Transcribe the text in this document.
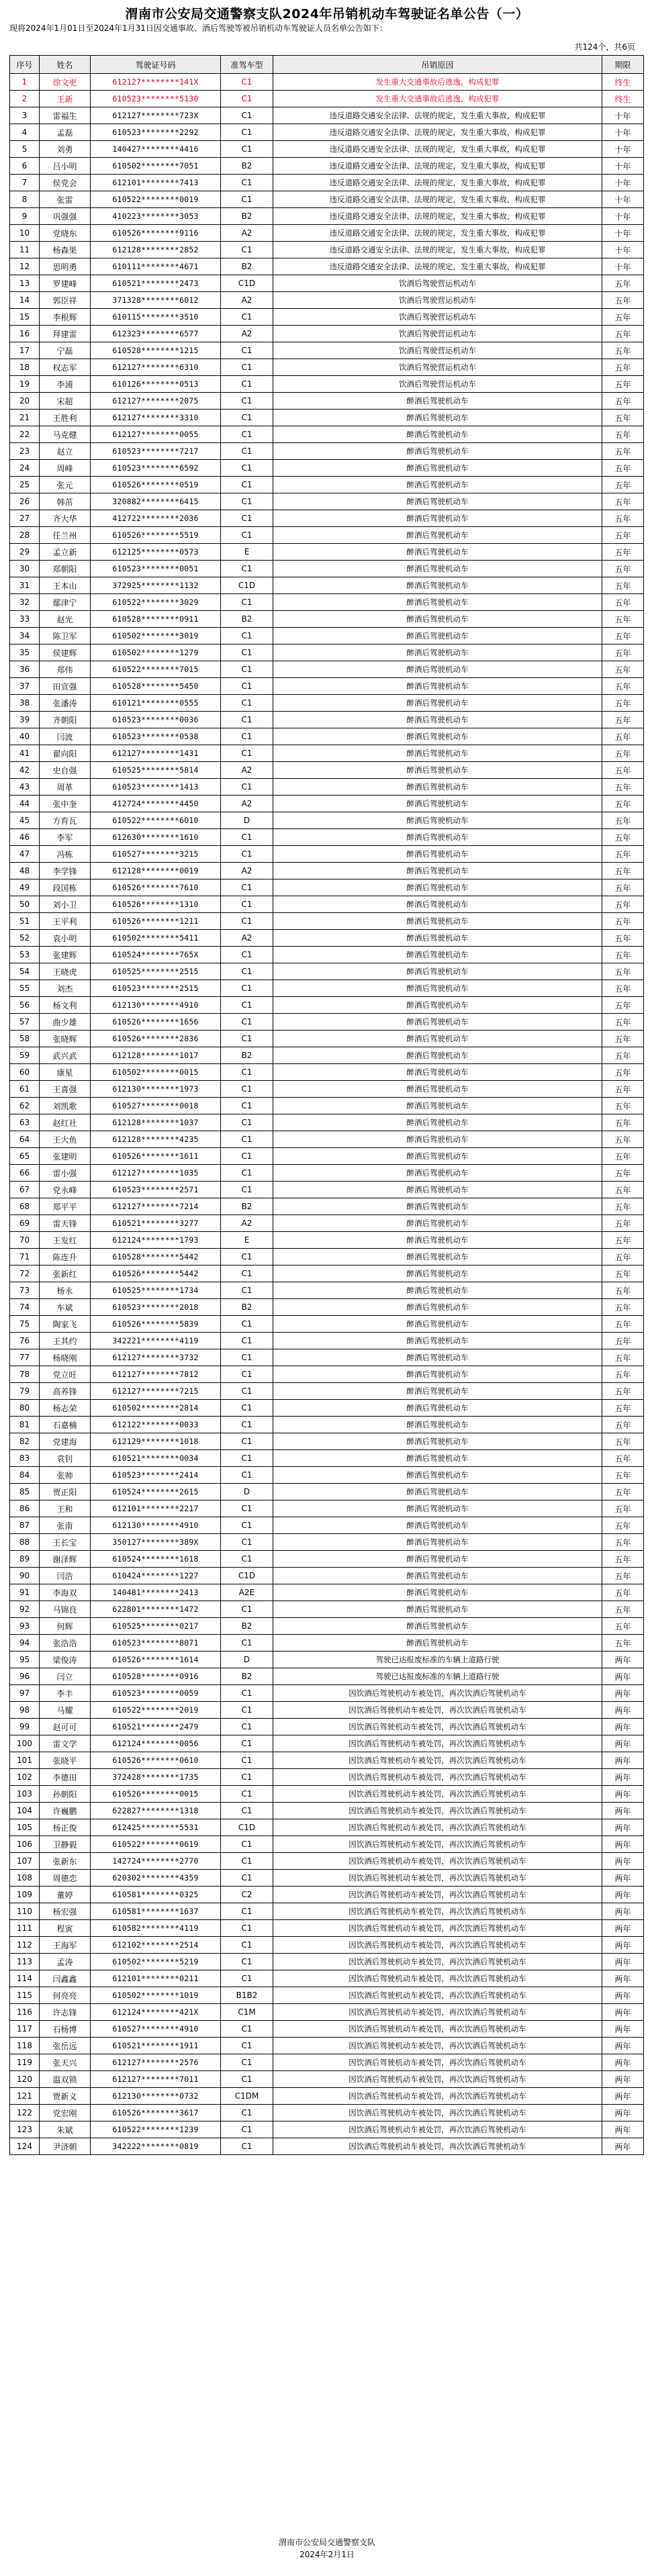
渭南市公安局交通警察支队2024年吊销机动车驾驶证名单公告（一）
现将2024年1月01日至2024年1月31日因交通事故、酒后驾驶等被吊销机动车驾驶证人员名单公告如下：
共124个，共6页
序号	姓名	驾驶证号码	准驾车型	吊销原因	期限
1	徐文更	612127********141X	C1	发生重大交通事故后逃逸，构成犯罪	终生
2	王新	610523********5130	C1	发生重大交通事故后逃逸，构成犯罪	终生
3	雷福生	612127********723X	C1	违反道路交通安全法律、法规的规定，发生重大事故，构成犯罪	十年
4	孟磊	610523********2292	C1	违反道路交通安全法律、法规的规定，发生重大事故，构成犯罪	十年
5	刘勇	140427********4416	C1	违反道路交通安全法律、法规的规定，发生重大事故，构成犯罪	十年
6	吕小明	610502********7051	B2	违反道路交通安全法律、法规的规定，发生重大事故，构成犯罪	十年
7	侯党会	612101********7413	C1	违反道路交通安全法律、法规的规定，发生重大事故，构成犯罪	十年
8	张雷	610522********0019	C1	违反道路交通安全法律、法规的规定，发生重大事故，构成犯罪	十年
9	巩强强	410223********3053	B2	违反道路交通安全法律、法规的规定，发生重大事故，构成犯罪	十年
10	党晓东	610526********9116	A2	违反道路交通安全法律、法规的规定，发生重大事故，构成犯罪	十年
11	杨森果	612128********2852	C1	违反道路交通安全法律、法规的规定，发生重大事故，构成犯罪	十年
12	思明勇	610111********4671	B2	违反道路交通安全法律、法规的规定，发生重大事故，构成犯罪	十年
13	罗建峰	610521********2473	C1D	饮酒后驾驶营运机动车	五年
14	郭臣祥	371328********6012	A2	饮酒后驾驶营运机动车	五年
15	李根辉	610115********3510	C1	饮酒后驾驶营运机动车	五年
16	拜建雷	612323********6577	A2	饮酒后驾驶营运机动车	五年
17	宁磊	610528********1215	C1	饮酒后驾驶营运机动车	五年
18	权志军	612127********6310	C1	饮酒后驾驶营运机动车	五年
19	李浦	610126********0513	C1	饮酒后驾驶营运机动车	五年
20	宋超	612127********2075	C1	醉酒后驾驶机动车	五年
21	王胜利	612127********3310	C1	醉酒后驾驶机动车	五年
22	马克健	612127********0055	C1	醉酒后驾驶机动车	五年
23	赵立	610523********7217	C1	醉酒后驾驶机动车	五年
24	周峰	610523********6592	C1	醉酒后驾驶机动车	五年
25	张元	610526********0519	C1	醉酒后驾驶机动车	五年
26	韩茁	320882********6415	C1	醉酒后驾驶机动车	五年
27	齐大华	412722********2036	C1	醉酒后驾驶机动车	五年
28	任兰州	610526********5519	C1	醉酒后驾驶机动车	五年
29	孟立新	612125********0573	E	醉酒后驾驶机动车	五年
30	郑朝阳	610523********0051	C1	醉酒后驾驶机动车	五年
31	王本山	372925********1132	C1D	醉酒后驾驶机动车	五年
32	鄢津宁	610522********3029	C1	醉酒后驾驶机动车	五年
33	赵光	610528********0911	B2	醉酒后驾驶机动车	五年
34	陈卫军	610502********3019	C1	醉酒后驾驶机动车	五年
35	侯建辉	610502********1279	C1	醉酒后驾驶机动车	五年
36	郑伟	610522********7015	C1	醉酒后驾驶机动车	五年
37	田宣强	610528********5450	C1	醉酒后驾驶机动车	五年
38	张潘涛	610121********0555	C1	醉酒后驾驶机动车	五年
39	齐朝阳	610523********0036	C1	醉酒后驾驶机动车	五年
40	闫波	610523********0538	C1	醉酒后驾驶机动车	五年
41	翟向阳	612127********1431	C1	醉酒后驾驶机动车	五年
42	史自强	610525********5814	A2	醉酒后驾驶机动车	五年
43	周革	610523********1413	C1	醉酒后驾驶机动车	五年
44	张中奎	412724********4450	A2	醉酒后驾驶机动车	五年
45	方育瓦	610522********6010	D	醉酒后驾驶机动车	五年
46	李军	612630********1610	C1	醉酒后驾驶机动车	五年
47	冯栋	610527********3215	C1	醉酒后驾驶机动车	五年
48	李学锋	612128********0019	A2	醉酒后驾驶机动车	五年
49	段国栋	610526********7610	C1	醉酒后驾驶机动车	五年
50	刘小卫	610526********1310	C1	醉酒后驾驶机动车	五年
51	王平利	610526********1211	C1	醉酒后驾驶机动车	五年
52	袁小明	610502********5411	A2	醉酒后驾驶机动车	五年
53	张建辉	610524********765X	C1	醉酒后驾驶机动车	五年
54	王晓虎	610525********2515	C1	醉酒后驾驶机动车	五年
55	刘杰	610523********2515	C1	醉酒后驾驶机动车	五年
56	杨文利	612130********4910	C1	醉酒后驾驶机动车	五年
57	曲少雄	610526********1656	C1	醉酒后驾驶机动车	五年
58	张晓辉	610526********2836	C1	醉酒后驾驶机动车	五年
59	武兴武	612128********1017	B2	醉酒后驾驶机动车	五年
60	康星	610502********0015	C1	醉酒后驾驶机动车	五年
61	王喜强	612130********1973	C1	醉酒后驾驶机动车	五年
62	刘凯歌	610527********0018	C1	醉酒后驾驶机动车	五年
63	赵红社	612128********1037	C1	醉酒后驾驶机动车	五年
64	王大鱼	612128********4235	C1	醉酒后驾驶机动车	五年
65	张建明	610526********1611	C1	醉酒后驾驶机动车	五年
66	雷小强	612127********1035	C1	醉酒后驾驶机动车	五年
67	党永峰	610523********2571	C1	醉酒后驾驶机动车	五年
68	郑平平	612127********7214	B2	醉酒后驾驶机动车	五年
69	雷天锋	610521********3277	A2	醉酒后驾驶机动车	五年
70	王发红	612124********1793	E	醉酒后驾驶机动车	五年
71	陈连升	610528********5442	C1	醉酒后驾驶机动车	五年
72	张新红	610526********5442	C1	醉酒后驾驶机动车	五年
73	杨永	610525********1734	C1	醉酒后驾驶机动车	五年
74	车斌	610523********2018	B2	醉酒后驾驶机动车	五年
75	陶家飞	610526********5839	C1	醉酒后驾驶机动车	五年
76	王其约	342221********4119	C1	醉酒后驾驶机动车	五年
77	杨晓刚	612127********3732	C1	醉酒后驾驶机动车	五年
78	党立旺	612127********7812	C1	醉酒后驾驶机动车	五年
79	高养锋	612127********7215	C1	醉酒后驾驶机动车	五年
80	杨志荣	610502********2814	C1	醉酒后驾驶机动车	五年
81	石嘉楠	612122********0033	C1	醉酒后驾驶机动车	五年
82	党建海	612129********1018	C1	醉酒后驾驶机动车	五年
83	袁钊	610521********0034	C1	醉酒后驾驶机动车	五年
84	张帅	610523********2414	C1	醉酒后驾驶机动车	五年
85	贾正阳	610524********2615	D	醉酒后驾驶机动车	五年
86	王和	612101********2217	C1	醉酒后驾驶机动车	五年
87	张南	612130********4910	C1	醉酒后驾驶机动车	五年
88	王长宝	350127********389X	C1	醉酒后驾驶机动车	五年
89	谢泽辉	610524********1618	C1	醉酒后驾驶机动车	五年
90	闫浩	610424********1227	C1D	醉酒后驾驶机动车	五年
91	李海双	140481********2413	A2E	醉酒后驾驶机动车	五年
92	马锦良	622801********1472	C1	醉酒后驾驶机动车	五年
93	何辉	610525********0217	B2	醉酒后驾驶机动车	五年
94	张浩浩	610523********8071	C1	醉酒后驾驶机动车	五年
95	梁俊涛	610526********1614	D	驾驶已达报废标准的车辆上道路行驶	两年
96	闫立	610528********0916	B2	驾驶已达报废标准的车辆上道路行驶	两年
97	李丰	610523********0059	C1	因饮酒后驾驶机动车被处罚，再次饮酒后驾驶机动车	两年
98	马耀	610522********2019	C1	因饮酒后驾驶机动车被处罚，再次饮酒后驾驶机动车	两年
99	赵可可	610521********2479	C1	因饮酒后驾驶机动车被处罚，再次饮酒后驾驶机动车	两年
100	雷文学	612124********0056	C1	因饮酒后驾驶机动车被处罚，再次饮酒后驾驶机动车	两年
101	张晓平	610526********0610	C1	因饮酒后驾驶机动车被处罚，再次饮酒后驾驶机动车	两年
102	李德田	372428********1735	C1	因饮酒后驾驶机动车被处罚，再次饮酒后驾驶机动车	两年
103	孙朝阳	610526********0015	C1	因饮酒后驾驶机动车被处罚，再次饮酒后驾驶机动车	两年
104	许巍鹏	622827********1318	C1	因饮酒后驾驶机动车被处罚，再次饮酒后驾驶机动车	两年
105	杨正俊	612425********5531	C1D	因饮酒后驾驶机动车被处罚，再次饮酒后驾驶机动车	两年
106	卫静毅	610522********0619	C1	因饮酒后驾驶机动车被处罚，再次饮酒后驾驶机动车	两年
107	张新东	142724********2770	C1	因饮酒后驾驶机动车被处罚，再次饮酒后驾驶机动车	两年
108	周德恋	620302********4359	C1	因饮酒后驾驶机动车被处罚，再次饮酒后驾驶机动车	两年
109	董婷	610581********0325	C2	因饮酒后驾驶机动车被处罚，再次饮酒后驾驶机动车	两年
110	杨宏强	610581********1637	C1	因饮酒后驾驶机动车被处罚，再次饮酒后驾驶机动车	两年
111	程寅	610582********4119	C1	因饮酒后驾驶机动车被处罚，再次饮酒后驾驶机动车	两年
112	王海军	612102********2514	C1	因饮酒后驾驶机动车被处罚，再次饮酒后驾驶机动车	两年
113	孟涛	610502********5219	C1	因饮酒后驾驶机动车被处罚，再次饮酒后驾驶机动车	两年
114	闫鑫鑫	612101********0211	C1	因饮酒后驾驶机动车被处罚，再次饮酒后驾驶机动车	两年
115	何亮亮	610502********1019	B1B2	因饮酒后驾驶机动车被处罚，再次饮酒后驾驶机动车	两年
116	许志锋	612124********421X	C1M	因饮酒后驾驶机动车被处罚，再次饮酒后驾驶机动车	两年
117	石杨博	610527********4910	C1	因饮酒后驾驶机动车被处罚，再次饮酒后驾驶机动车	两年
118	张岳远	610521********1911	C1	因饮酒后驾驶机动车被处罚，再次饮酒后驾驶机动车	两年
119	张天兴	612127********2576	C1	因饮酒后驾驶机动车被处罚，再次饮酒后驾驶机动车	两年
120	温双锁	612127********7011	C1	因饮酒后驾驶机动车被处罚，再次饮酒后驾驶机动车	两年
121	贾新义	612130********0732	C1DM	因饮酒后驾驶机动车被处罚，再次饮酒后驾驶机动车	两年
122	党宏刚	610526********3617	C1	因饮酒后驾驶机动车被处罚，再次饮酒后驾驶机动车	两年
123	朱斌	610522********1239	C1	因饮酒后驾驶机动车被处罚，再次饮酒后驾驶机动车	两年
124	尹济朝	342222********0819	C1	因饮酒后驾驶机动车被处罚，再次饮酒后驾驶机动车	两年
渭南市公安局交通警察支队
2024年2月1日
